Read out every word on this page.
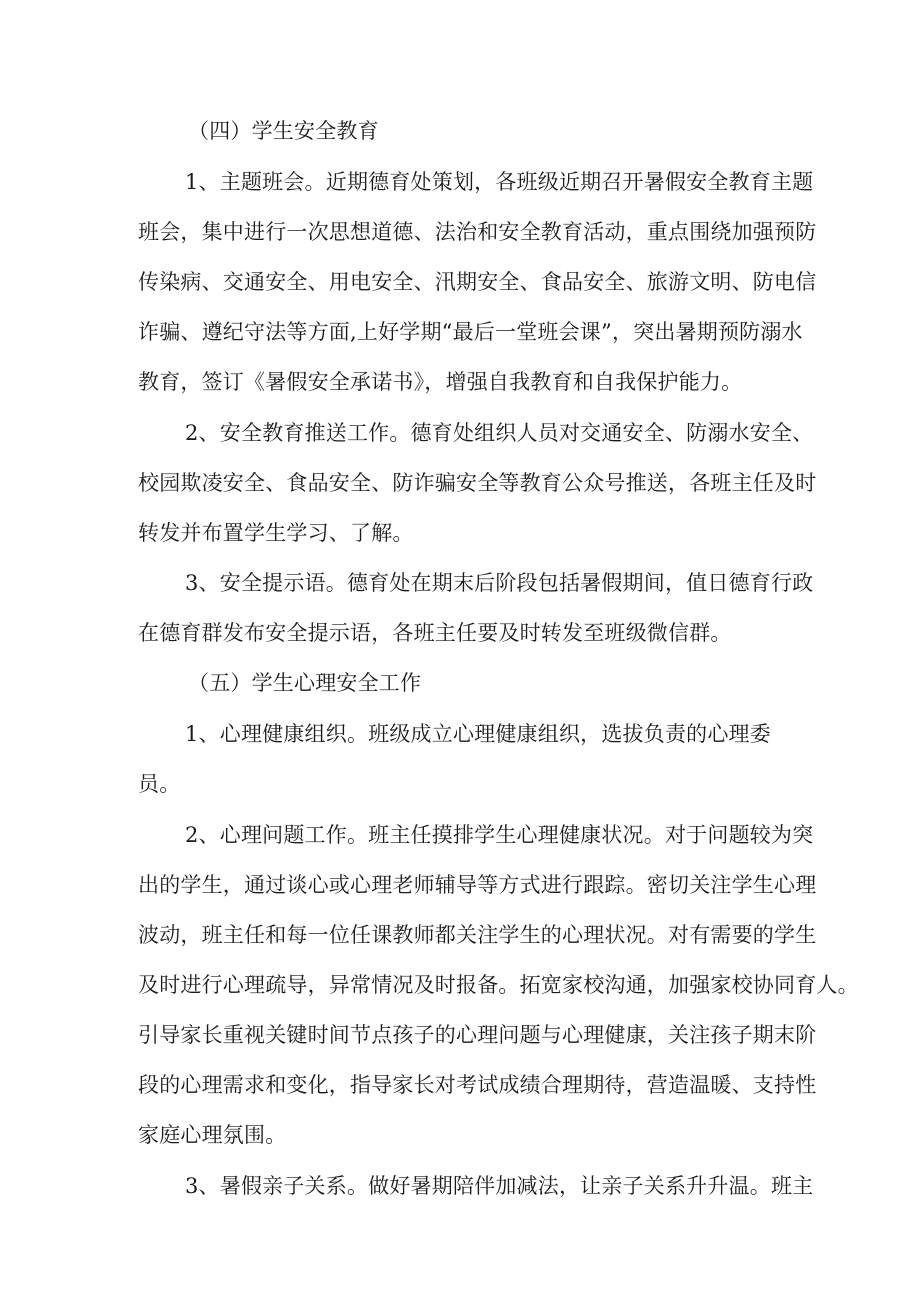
（四）学生安全教育
1、主题班会。近期德育处策划，各班级近期召开暑假安全教育主题
班会，集中进行一次思想道德、法治和安全教育活动，重点围绕加强预防
传染病、交通安全、用电安全、汛期安全、食品安全、旅游文明、防电信
诈骗、遵纪守法等方面,上好学期“最后一堂班会课”，突出暑期预防溺水
教育，签订《暑假安全承诺书》，增强自我教育和自我保护能力。
2、安全教育推送工作。德育处组织人员对交通安全、防溺水安全、
校园欺凌安全、食品安全、防诈骗安全等教育公众号推送，各班主任及时
转发并布置学生学习、了解。
3、安全提示语。德育处在期末后阶段包括暑假期间，值日德育行政
在德育群发布安全提示语，各班主任要及时转发至班级微信群。
（五）学生心理安全工作
1、心理健康组织。班级成立心理健康组织，选拔负责的心理委
员。
2、心理问题工作。班主任摸排学生心理健康状况。对于问题较为突
出的学生，通过谈心或心理老师辅导等方式进行跟踪。密切关注学生心理
波动，班主任和每一位任课教师都关注学生的心理状况。对有需要的学生
及时进行心理疏导，异常情况及时报备。拓宽家校沟通，加强家校协同育人。
引导家长重视关键时间节点孩子的心理问题与心理健康，关注孩子期末阶
段的心理需求和变化，指导家长对考试成绩合理期待，营造温暖、支持性
家庭心理氛围。
3、暑假亲子关系。做好暑期陪伴加减法，让亲子关系升升温。班主
